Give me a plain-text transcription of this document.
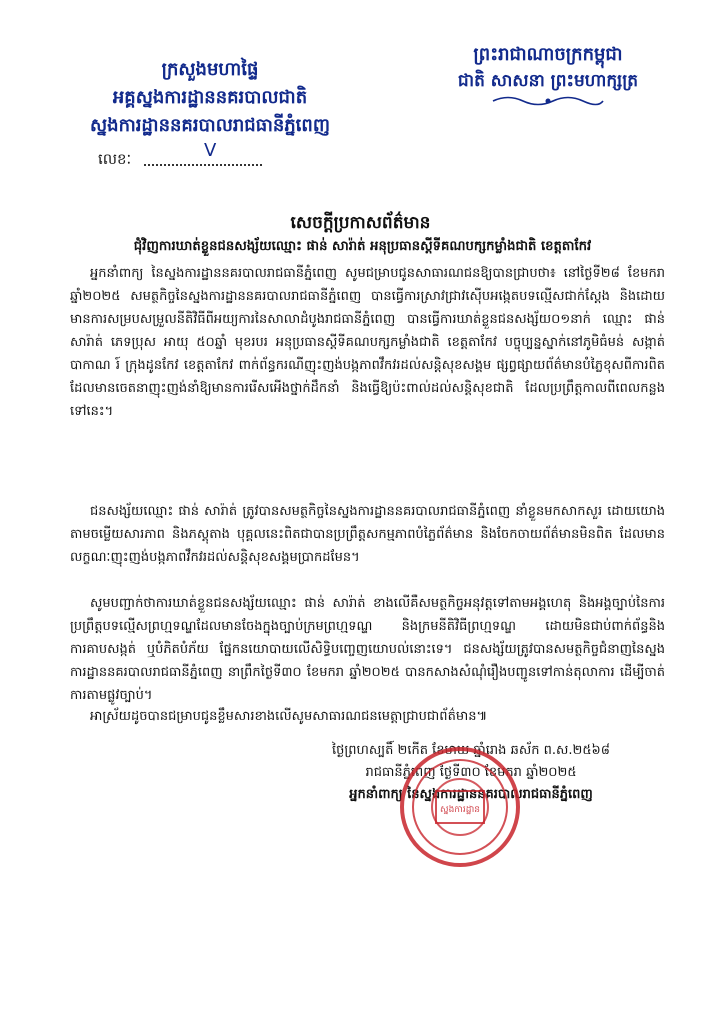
ព្រះរាជាណាចក្រកម្ពុជា
ជាតិ សាសនា ព្រះមហាក្សត្រ
ក្រសួងមហាផ្ទៃ
អគ្គស្នងការដ្ឋាននគរបាលជាតិ
ស្នងការដ្ឋាននគរបាលរាជធានីភ្នំពេញ
លេខៈ	V
សេចក្តីប្រកាសព័ត៌មាន
ជុំវិញការឃាត់ខ្លួនជនសង្ស័យឈ្មោះ ផាន់ សារ៉ាត់ អនុប្រធានស្តីទីគណបក្សកម្លាំងជាតិ ខេត្តតាកែវ
អ្នកនាំពាក្យ នៃស្នងការដ្ឋាននគរបាលរាជធានីភ្នំពេញ សូមជម្រាបជូនសាធារណជនឱ្យបានជ្រាបថា៖ នៅថ្ងៃទី២៨ ខែមករា ឆ្នាំ២០២៥ សមត្ថកិច្ចនៃស្នងការដ្ឋាននគរបាលរាជធានីភ្នំពេញ បានធ្វើការស្រាវជ្រាវស៊ើបអង្កេតបទល្មើសជាក់ស្តែង និងដោយមានការសម្របសម្រួលនីតិវិធីពីអយ្យការនៃសាលាដំបូងរាជធានីភ្នំពេញ បានធ្វើការឃាត់ខ្លួនជនសង្ស័យ០១នាក់ ឈ្មោះ ផាន់ សារ៉ាត់ ភេទប្រុស អាយុ ៥០ឆ្នាំ មុខរបរ អនុប្រធានស្តីទីគណបក្សកម្លាំងជាតិ ខេត្តតាកែវ បច្ចុប្បន្នស្នាក់នៅភូមិធំមន់ សង្កាត់បាកាណ រ៍ ក្រុងដូនកែវ ខេត្តតាកែវ ពាក់ព័ន្ធករណីញុះញង់បង្កភាពវឹកវរដល់សន្តិសុខសង្គម ផ្សព្វផ្សាយព័ត៌មានបំភ្លៃខុសពីការពិត ដែលមានចេតនាញុះញង់នាំឱ្យមានការរើសអើងថ្នាក់ដឹកនាំ និងធ្វើឱ្យប៉ះពាល់ដល់សន្តិសុខជាតិ ដែលប្រព្រឹត្តកាលពីពេលកន្លងទៅនេះ។
ជនសង្ស័យឈ្មោះ ផាន់ សារ៉ាត់ ត្រូវបានសមត្ថកិច្ចនៃស្នងការដ្ឋាននគរបាលរាជធានីភ្នំពេញ នាំខ្លួនមកសាកសួរ ដោយយោងតាមចម្លើយសារភាព និងភស្តុតាង បុគ្គលនេះពិតជាបានប្រព្រឹត្តសកម្មភាពបំភ្លៃព័ត៌មាន និងចែកចាយព័ត៌មានមិនពិត ដែលមានលក្ខណៈញុះញង់បង្កភាពវឹកវរដល់សន្តិសុខសង្គមប្រាកដមែន។
សូមបញ្ជាក់ថាការឃាត់ខ្លួនជនសង្ស័យឈ្មោះ ផាន់ សារ៉ាត់ ខាងលើគឺសមត្ថកិច្ចអនុវត្តទៅតាមអង្គហេតុ និងអង្គច្បាប់នៃការប្រព្រឹត្តបទល្មើសព្រហ្មទណ្ឌដែលមានចែងក្នុងច្បាប់ក្រមព្រហ្មទណ្ឌ និងក្រមនីតិវិធីព្រហ្មទណ្ឌ ដោយមិនជាប់ពាក់ព័ន្ធនិងការគាបសង្កត់ ឬបំភិតបំភ័យ ផ្នែកនយោបាយលើសិទ្ធិបញ្ចេញយោបល់នោះទេ។ ជនសង្ស័យត្រូវបានសមត្ថកិច្ចជំនាញនៃស្នងការដ្ឋាននគរបាលរាជធានីភ្នំពេញ នាព្រឹកថ្ងៃទី៣០ ខែមករា ឆ្នាំ២០២៥ បានកសាងសំណុំរឿងបញ្ជូនទៅកាន់តុលាការ ដើម្បីចាត់ការតាមផ្លូវច្បាប់។
អាស្រ័យដូចបានជម្រាបជូនខ្លឹមសារខាងលើសូមសាធារណជនមេត្តាជ្រាបជាព័ត៌មាន៕
ថ្ងៃព្រហស្បតិ៍ ២កើត ខែមាឃ ឆ្នាំរោង ឆស័ក ព.ស.២៥៦៨
រាជធានីភ្នំពេញ ថ្ងៃទី៣០ ខែមករា ឆ្នាំ២០២៥
អ្នកនាំពាក្យ នៃស្នងការដ្ឋាននគរបាលរាជធានីភ្នំពេញ
ស្នងការដ្ឋាន
